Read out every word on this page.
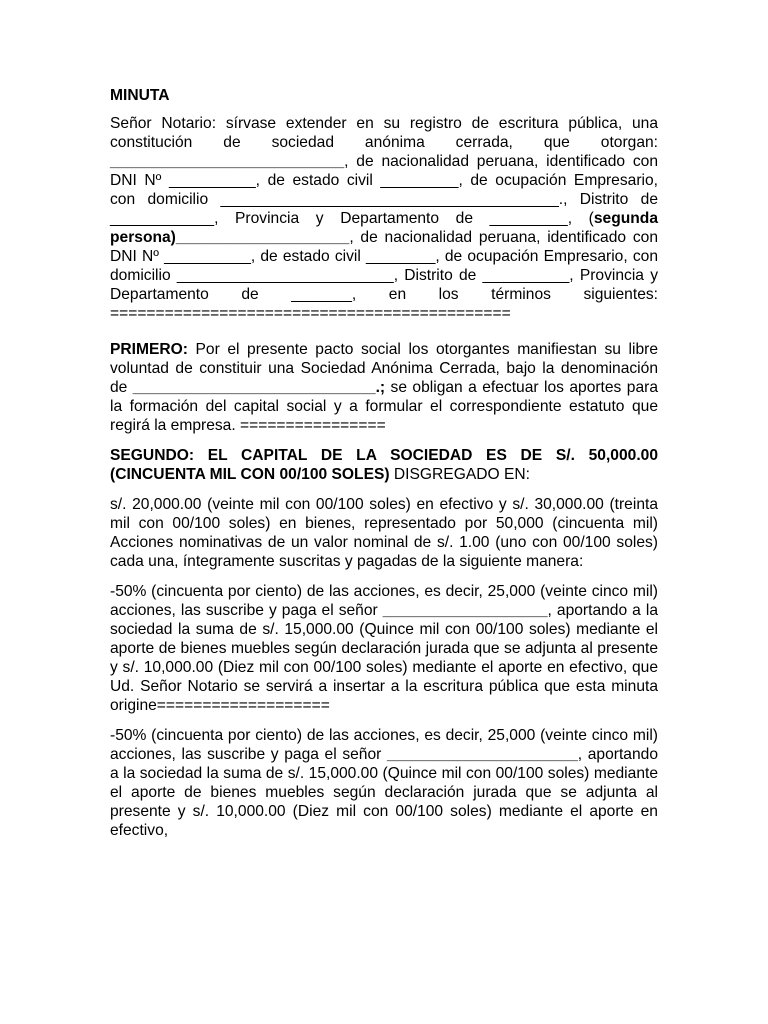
MINUTA

Señor Notario: sírvase extender en su registro de escritura pública, una constitución de sociedad anónima cerrada, que otorgan: ___________________________, de nacionalidad peruana, identificado con DNI Nº __________, de estado civil _________, de ocupación Empresario, con domicilio _______________________________________., Distrito de ____________, Provincia y Departamento de _________, (segunda persona)____________________, de nacionalidad peruana, identificado con DNI Nº __________, de estado civil ________, de ocupación Empresario, con domicilio _________________________, Distrito de __________, Provincia y Departamento de _______, en los términos siguientes: ============================================

PRIMERO: Por el presente pacto social los otorgantes manifiestan su libre voluntad de constituir una Sociedad Anónima Cerrada, bajo la denominación de ____________________________.; se obligan a efectuar los aportes para la formación del capital social y a formular el correspondiente estatuto que regirá la empresa. ================

SEGUNDO: EL CAPITAL DE LA SOCIEDAD ES DE S/. 50,000.00 (CINCUENTA MIL CON 00/100 SOLES) DISGREGADO EN:

s/. 20,000.00 (veinte mil con 00/100 soles) en efectivo y s/. 30,000.00 (treinta mil con 00/100 soles) en bienes, representado por 50,000 (cincuenta mil) Acciones nominativas de un valor nominal de s/. 1.00 (uno con 00/100 soles) cada una, íntegramente suscritas y pagadas de la siguiente manera:

-50% (cincuenta por ciento) de las acciones, es decir, 25,000 (veinte cinco mil) acciones, las suscribe y paga el señor ___________________, aportando a la sociedad la suma de s/. 15,000.00 (Quince mil con 00/100 soles) mediante el aporte de bienes muebles según declaración jurada que se adjunta al presente y s/. 10,000.00 (Diez mil con 00/100 soles) mediante el aporte en efectivo, que Ud. Señor Notario se servirá a insertar a la escritura pública que esta minuta origine===================

-50% (cincuenta por ciento) de las acciones, es decir, 25,000 (veinte cinco mil) acciones, las suscribe y paga el señor ______________________, aportando a la sociedad la suma de s/. 15,000.00 (Quince mil con 00/100 soles) mediante el aporte de bienes muebles según declaración jurada que se adjunta al presente y s/. 10,000.00 (Diez mil con 00/100 soles) mediante el aporte en efectivo,
